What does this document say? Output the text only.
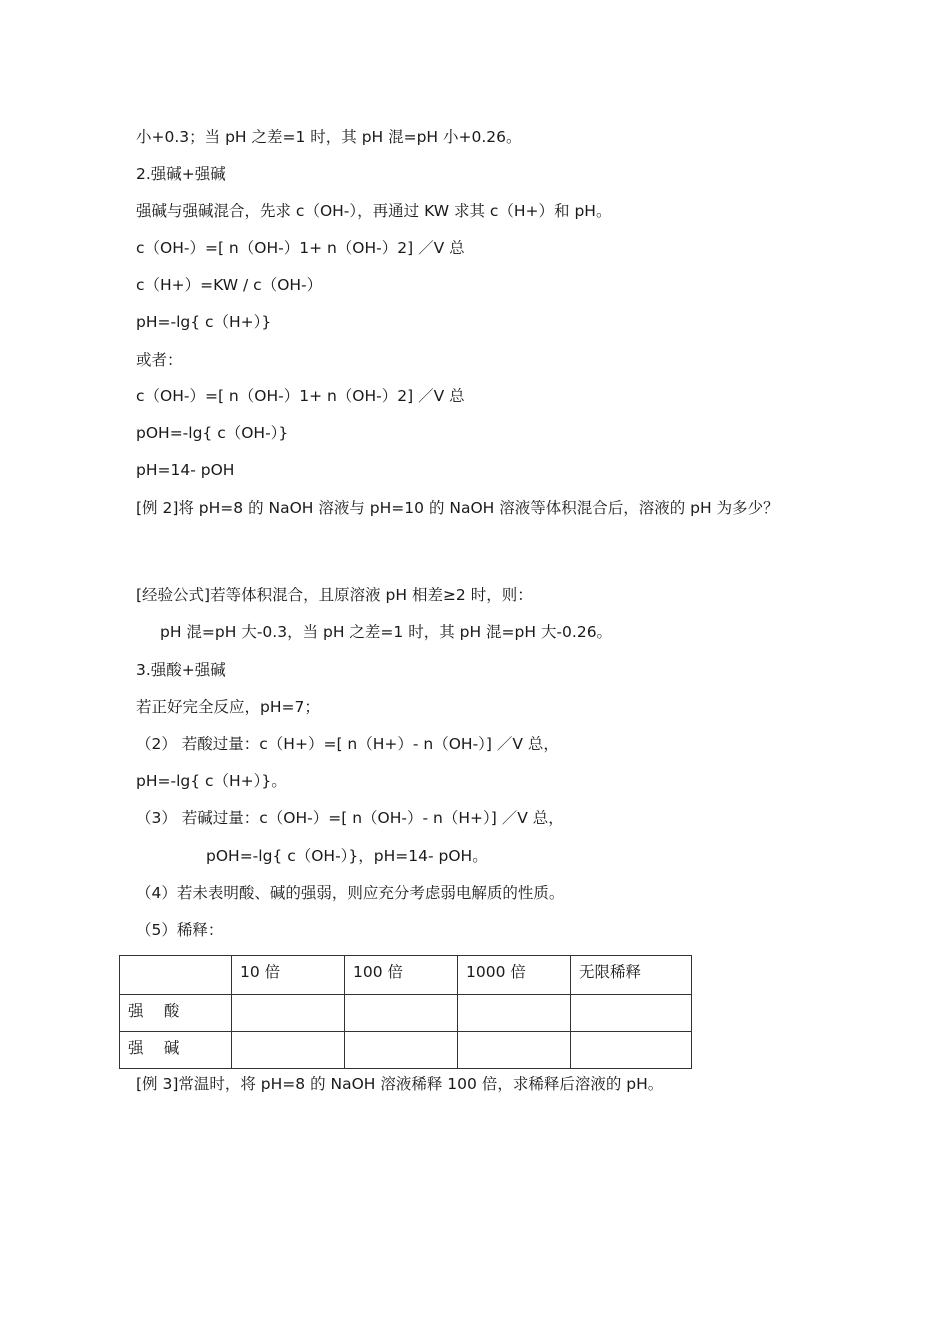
小+0.3；当 pH 之差=1 时，其 pH 混=pH 小+0.26。
2.强碱+强碱
强碱与强碱混合，先求 c（OH-），再通过 KW 求其 c（H+）和 pH。
c（OH-）=[ n（OH-）1+ n（OH-）2] ／V 总
c（H+）=KW / c（OH-）
pH=-lg{ c（H+）}
或者：
c（OH-）=[ n（OH-）1+ n（OH-）2] ／V 总
pOH=-lg{ c（OH-）}
pH=14- pOH
[例 2]将 pH=8 的 NaOH 溶液与 pH=10 的 NaOH 溶液等体积混合后，溶液的 pH 为多少？
[经验公式]若等体积混合，且原溶液 pH 相差≥2 时，则：
pH 混=pH 大-0.3，当 pH 之差=1 时，其 pH 混=pH 大-0.26。
3.强酸+强碱
若正好完全反应，pH=7；
（2） 若酸过量：c（H+）=[ n（H+）- n（OH-）] ／V 总，
pH=-lg{ c（H+）}。
（3） 若碱过量：c（OH-）=[ n（OH-）- n（H+）] ／V 总，
pOH=-lg{ c（OH-）}，pH=14- pOH。
（4）若未表明酸、碱的强弱，则应充分考虑弱电解质的性质。
（5）稀释：
	10 倍	100 倍	1000 倍	无限稀释
强　 酸				
强　 碱				
[例 3]常温时，将 pH=8 的 NaOH 溶液稀释 100 倍，求稀释后溶液的 pH。
